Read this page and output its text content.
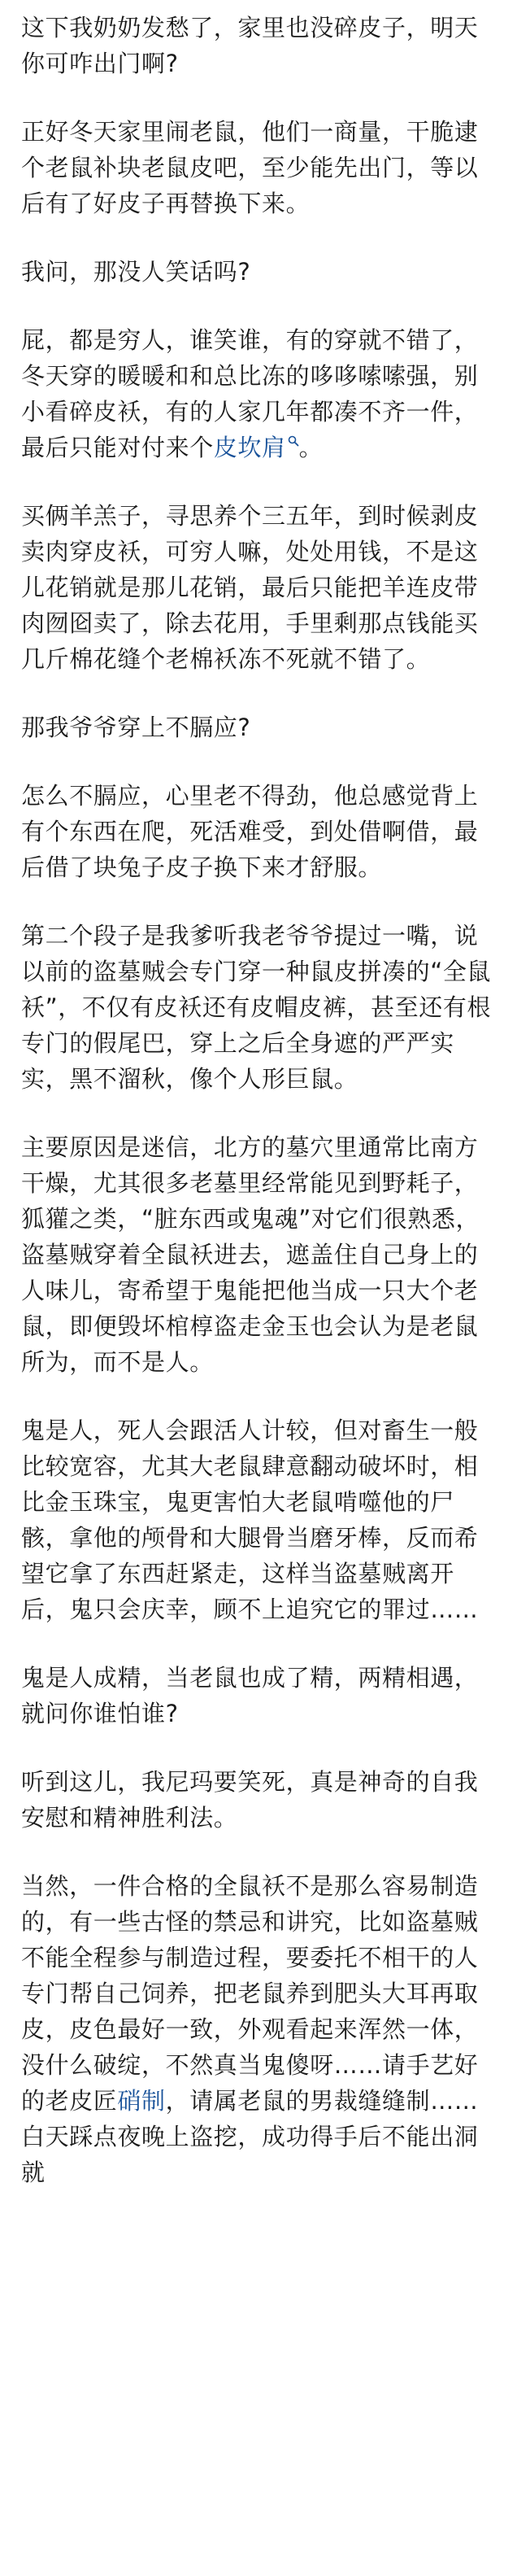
这下我奶奶发愁了，家里也没碎皮子，明天你可咋出门啊?

正好冬天家里闹老鼠，他们一商量，干脆逮个老鼠补块老鼠皮吧，至少能先出门，等以后有了好皮子再替换下来。

我问，那没人笑话吗?

屁，都是穷人，谁笑谁，有的穿就不错了，冬天穿的暖暖和和总比冻的哆哆嗦嗦强，别小看碎皮袄，有的人家几年都凑不齐一件，最后只能对付来个皮坎肩 。

买俩羊羔子，寻思养个三五年，到时候剥皮卖肉穿皮袄，可穷人嘛，处处用钱，不是这儿花销就是那儿花销，最后只能把羊连皮带肉囫囵卖了，除去花用，手里剩那点钱能买几斤棉花缝个老棉袄冻不死就不错了。

那我爷爷穿上不膈应?

怎么不膈应，心里老不得劲，他总感觉背上有个东西在爬，死活难受，到处借啊借，最后借了块兔子皮子换下来才舒服。

第二个段子是我爹听我老爷爷提过一嘴，说以前的盗墓贼会专门穿一种鼠皮拼凑的“全鼠袄”，不仅有皮袄还有皮帽皮裤，甚至还有根专门的假尾巴，穿上之后全身遮的严严实实，黑不溜秋，像个人形巨鼠。

主要原因是迷信，北方的墓穴里通常比南方干燥，尤其很多老墓里经常能见到野耗子，狐獾之类，“脏东西或鬼魂”对它们很熟悉，盗墓贼穿着全鼠袄进去，遮盖住自己身上的人味儿，寄希望于鬼能把他当成一只大个老鼠，即便毁坏棺椁盗走金玉也会认为是老鼠所为，而不是人。

鬼是人，死人会跟活人计较，但对畜生一般比较宽容，尤其大老鼠肆意翻动破坏时，相比金玉珠宝，鬼更害怕大老鼠啃噬他的尸骸，拿他的颅骨和大腿骨当磨牙棒，反而希望它拿了东西赶紧走，这样当盗墓贼离开后，鬼只会庆幸，顾不上追究它的罪过……

鬼是人成精，当老鼠也成了精，两精相遇，就问你谁怕谁?

听到这儿，我尼玛要笑死，真是神奇的自我安慰和精神胜利法。

当然，一件合格的全鼠袄不是那么容易制造的，有一些古怪的禁忌和讲究，比如盗墓贼不能全程参与制造过程，要委托不相干的人专门帮自己饲养，把老鼠养到肥头大耳再取皮，皮色最好一致，外观看起来浑然一体，没什么破绽，不然真当鬼傻呀……请手艺好的老皮匠硝制，请属老鼠的男裁缝缝制……白天踩点夜晚上盗挖，成功得手后不能出洞就
